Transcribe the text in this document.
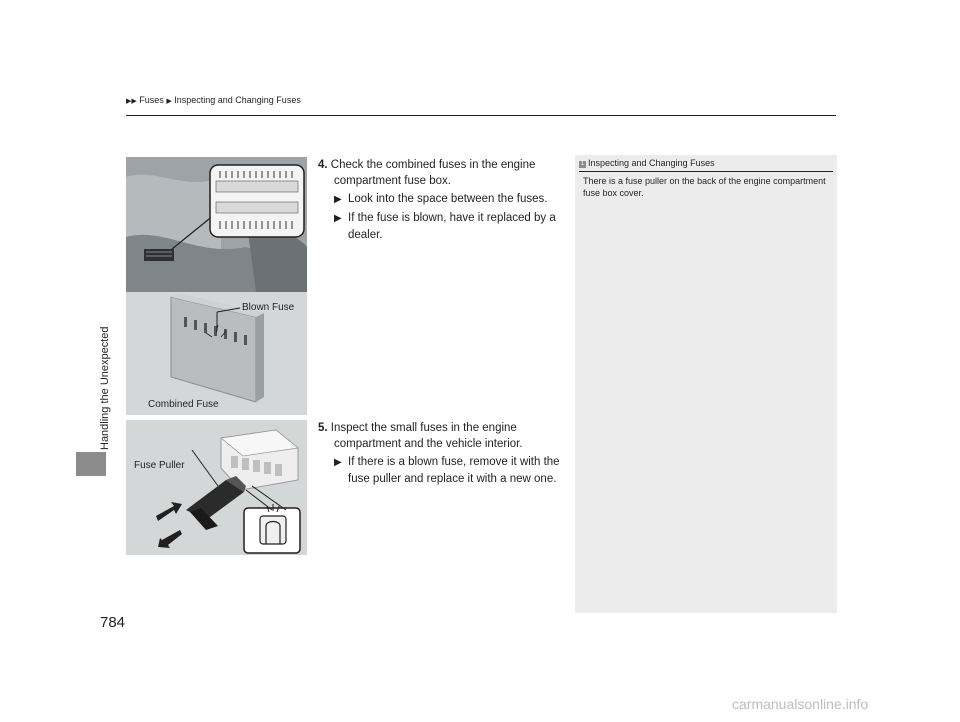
▶▶ Fuses ▶ Inspecting and Changing Fuses
Handling the Unexpected
Blown Fuse
Combined Fuse
Fuse Puller
4. Check the combined fuses in the engine compartment fuse box.
▶ Look into the space between the fuses.
▶ If the fuse is blown, have it replaced by a dealer.
5. Inspect the small fuses in the engine compartment and the vehicle interior.
▶ If there is a blown fuse, remove it with the fuse puller and replace it with a new one.
1 Inspecting and Changing Fuses
There is a fuse puller on the back of the engine compartment fuse box cover.
784
carmanualsonline.info
